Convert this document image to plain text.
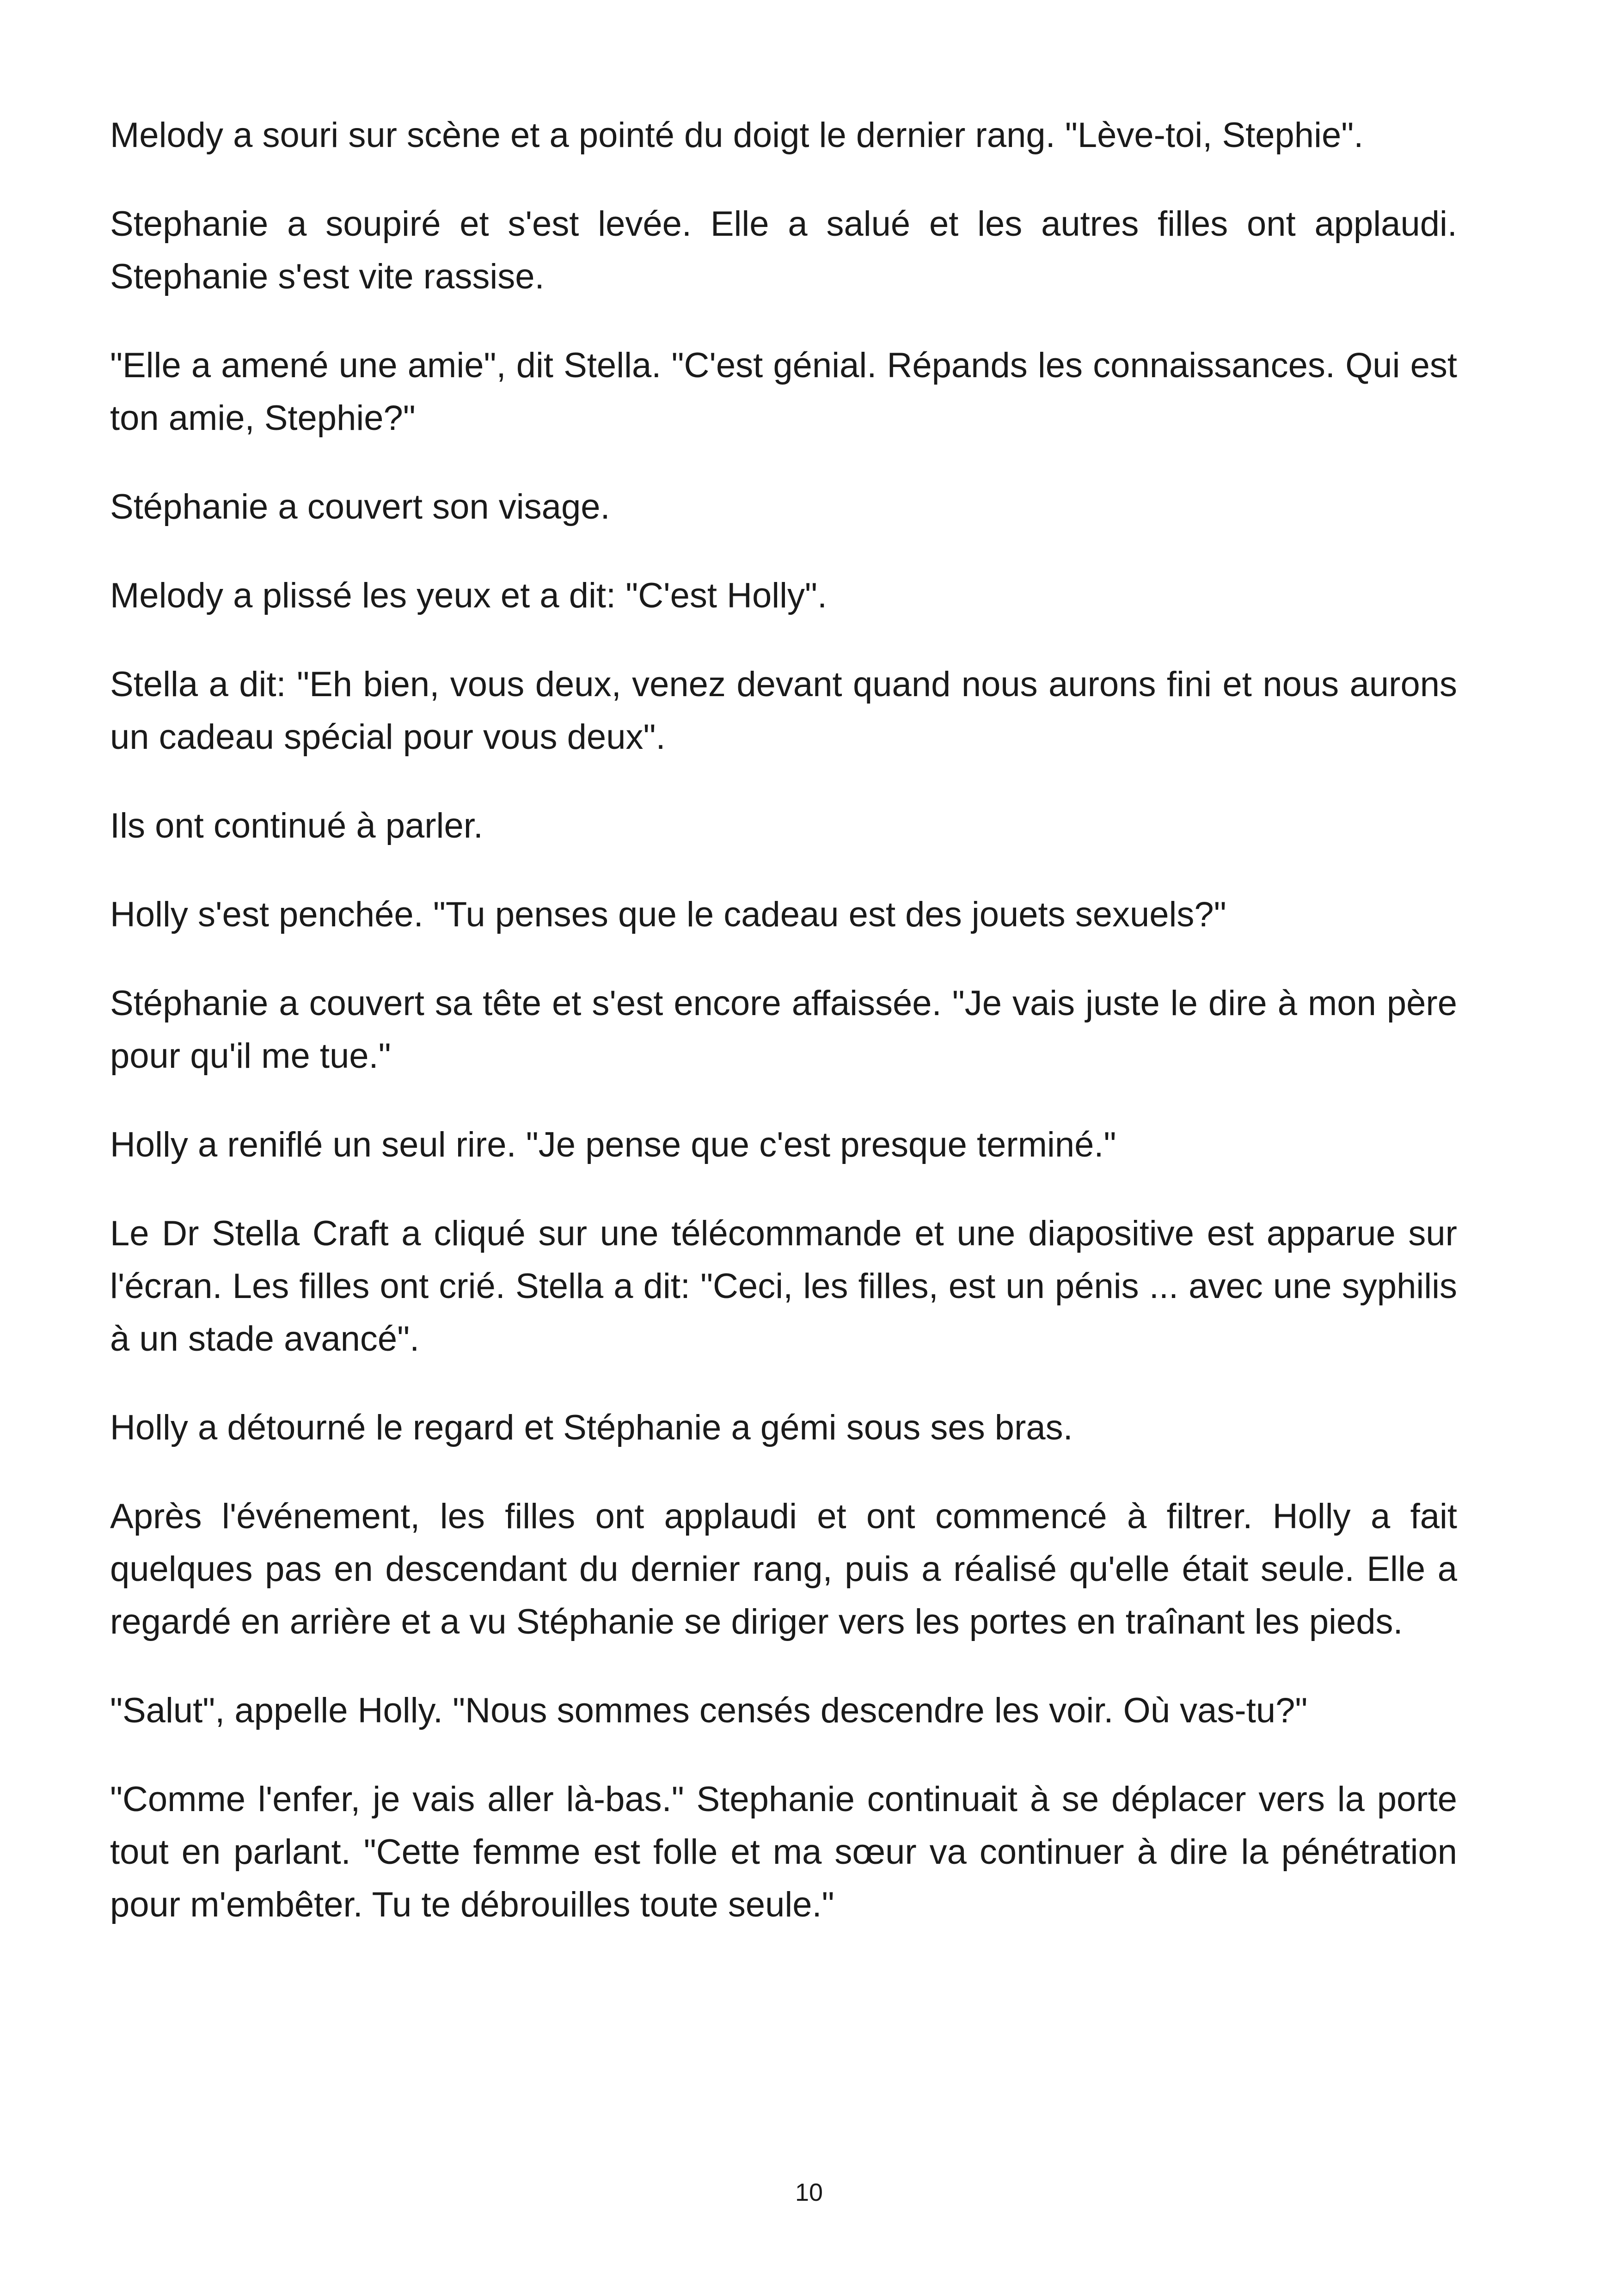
Melody a souri sur scène et a pointé du doigt le dernier rang. "Lève-toi, Stephie".

Stephanie a soupiré et s'est levée. Elle a salué et les autres filles ont applaudi. Stephanie s'est vite rassise.

"Elle a amené une amie", dit Stella. "C'est génial. Répands les connaissances. Qui est ton amie, Stephie?"

Stéphanie a couvert son visage.

Melody a plissé les yeux et a dit: "C'est Holly".

Stella a dit: "Eh bien, vous deux, venez devant quand nous aurons fini et nous aurons un cadeau spécial pour vous deux".

Ils ont continué à parler.

Holly s'est penchée. "Tu penses que le cadeau est des jouets sexuels?"

Stéphanie a couvert sa tête et s'est encore affaissée. "Je vais juste le dire à mon père pour qu'il me tue."

Holly a reniflé un seul rire. "Je pense que c'est presque terminé."

Le Dr Stella Craft a cliqué sur une télécommande et une diapositive est apparue sur l'écran. Les filles ont crié. Stella a dit: "Ceci, les filles, est un pénis ... avec une syphilis à un stade avancé".

Holly a détourné le regard et Stéphanie a gémi sous ses bras.

Après l'événement, les filles ont applaudi et ont commencé à filtrer. Holly a fait quelques pas en descendant du dernier rang, puis a réalisé qu'elle était seule. Elle a regardé en arrière et a vu Stéphanie se diriger vers les portes en traînant les pieds.

"Salut", appelle Holly. "Nous sommes censés descendre les voir. Où vas-tu?"

"Comme l'enfer, je vais aller là-bas." Stephanie continuait à se déplacer vers la porte tout en parlant. "Cette femme est folle et ma sœur va continuer à dire la pénétration pour m'embêter. Tu te débrouilles toute seule."

10
